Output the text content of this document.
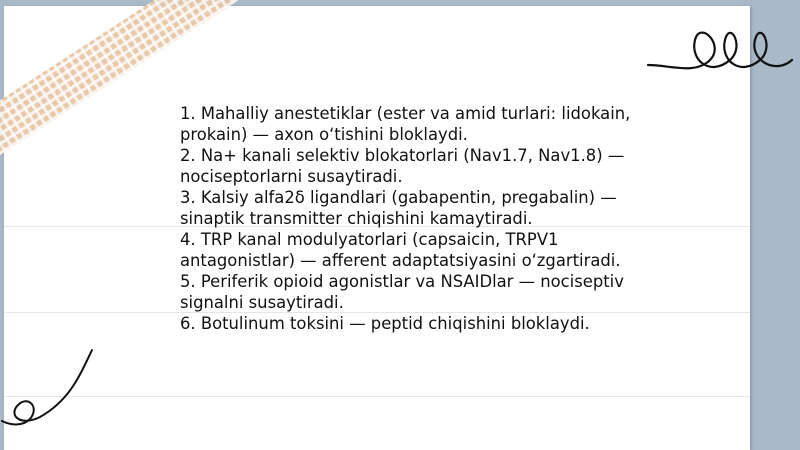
1. Mahalliy anestetiklar (ester va amid turlari: lidokain, prokain) — axon o‘tishini bloklaydi.

2. Na+ kanali selektiv blokatorlari (Nav1.7, Nav1.8) — nociseptorlarni susaytiradi.

3. Kalsiy alfa2δ ligandlari (gabapentin, pregabalin) — sinaptik transmitter chiqishini kamaytiradi.

4. TRP kanal modulyatorlari (capsaicin, TRPV1 antagonistlar) — afferent adaptatsiyasini o‘zgartiradi.

5. Periferik opioid agonistlar va NSAIDlar — nociseptiv signalni susaytiradi.

6. Botulinum toksini — peptid chiqishini bloklaydi.
